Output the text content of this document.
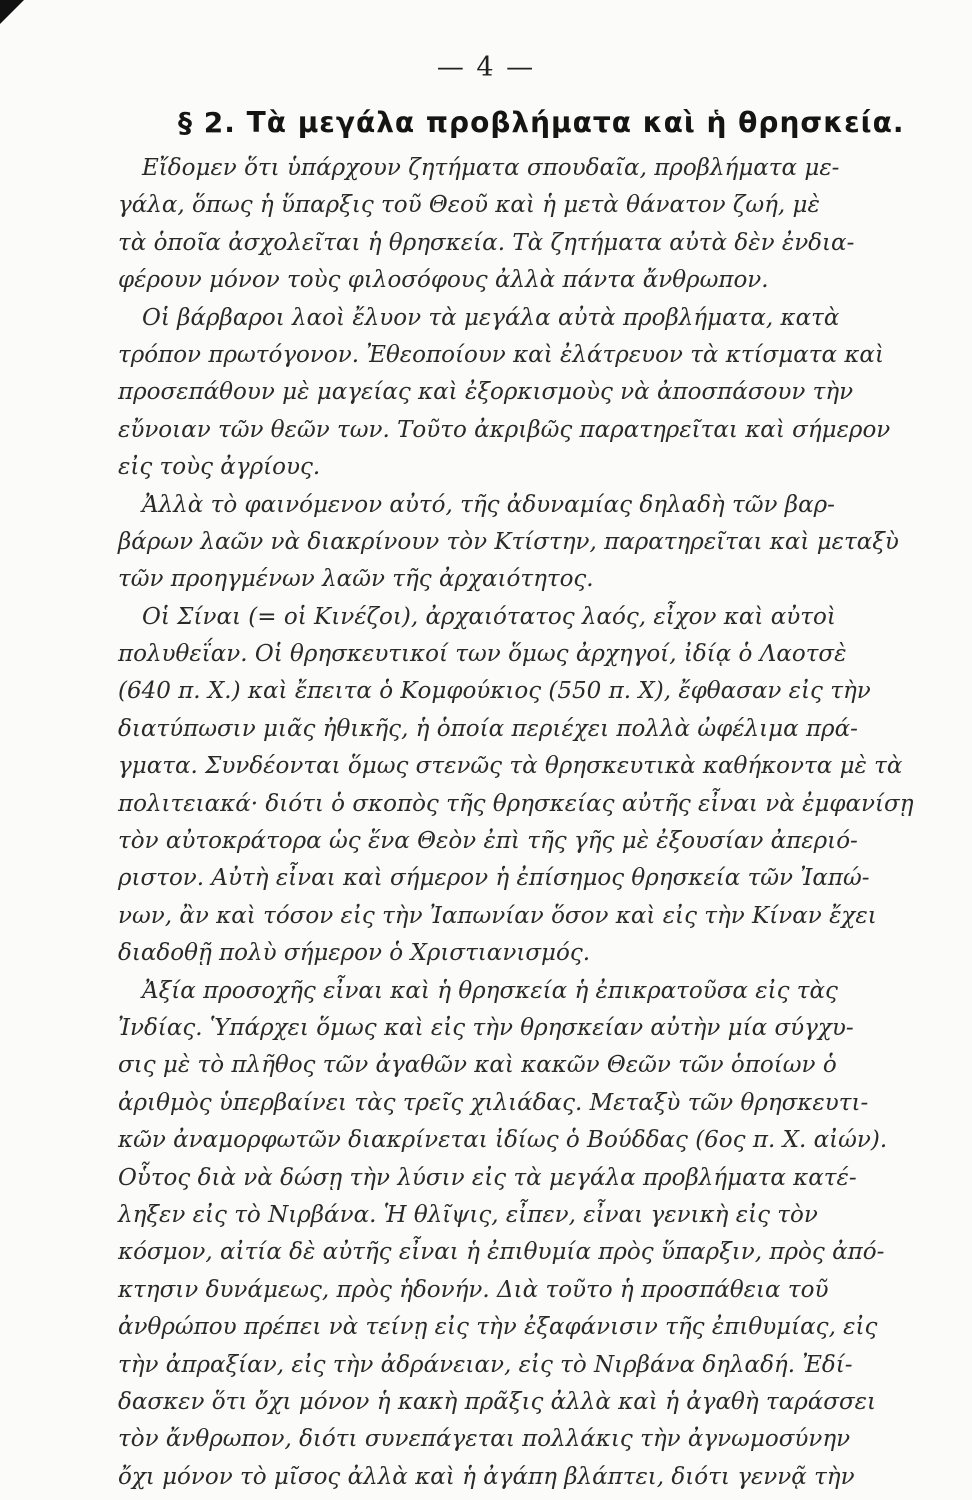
— 4 —
§ 2. Τὰ μεγάλα προβλήματα καὶ ἡ θρησκεία.
Εἴδομεν ὅτι ὑπάρχουν ζητήματα σπουδαῖα, προβλήματα με-
γάλα, ὅπως ἡ ὕπαρξις τοῦ Θεοῦ καὶ ἡ μετὰ θάνατον ζωή, μὲ
τὰ ὁποῖα ἀσχολεῖται ἡ θρησκεία. Τὰ ζητήματα αὐτὰ δὲν ἐνδια-
φέρουν μόνον τοὺς φιλοσόφους ἀλλὰ πάντα ἄνθρωπον.
Οἱ βάρβαροι λαοὶ ἔλυον τὰ μεγάλα αὐτὰ προβλήματα, κατὰ
τρόπον πρωτόγονον. Ἐθεοποίουν καὶ ἐλάτρευον τὰ κτίσματα καὶ
προσεπάθουν μὲ μαγείας καὶ ἐξορκισμοὺς νὰ ἀποσπάσουν τὴν
εὔνοιαν τῶν θεῶν των. Τοῦτο ἀκριβῶς παρατηρεῖται καὶ σήμερον
εἰς τοὺς ἀγρίους.
Ἀλλὰ τὸ φαινόμενον αὐτό, τῆς ἀδυναμίας δηλαδὴ τῶν βαρ-
βάρων λαῶν νὰ διακρίνουν τὸν Κτίστην, παρατηρεῖται καὶ μεταξὺ
τῶν προηγμένων λαῶν τῆς ἀρχαιότητος.
Οἱ Σίναι (= οἱ Κινέζοι), ἀρχαιότατος λαός, εἶχον καὶ αὐτοὶ
πολυθεΐαν. Οἱ θρησκευτικοί των ὅμως ἀρχηγοί, ἰδίᾳ ὁ Λαοτσὲ
(640 π. Χ.) καὶ ἔπειτα ὁ Κομφούκιος (550 π. Χ), ἔφθασαν εἰς τὴν
διατύπωσιν μιᾶς ἠθικῆς, ἡ ὁποία περιέχει πολλὰ ὠφέλιμα πρά-
γματα. Συνδέονται ὅμως στενῶς τὰ θρησκευτικὰ καθήκοντα μὲ τὰ
πολιτειακά· διότι ὁ σκοπὸς τῆς θρησκείας αὐτῆς εἶναι νὰ ἐμφανίσῃ
τὸν αὐτοκράτορα ὡς ἕνα Θεὸν ἐπὶ τῆς γῆς μὲ ἐξουσίαν ἀπεριό-
ριστον. Αὐτὴ εἶναι καὶ σήμερον ἡ ἐπίσημος θρησκεία τῶν Ἰαπώ-
νων, ἂν καὶ τόσον εἰς τὴν Ἰαπωνίαν ὅσον καὶ εἰς τὴν Κίναν ἔχει
διαδοθῇ πολὺ σήμερον ὁ Χριστιανισμός.
Ἀξία προσοχῆς εἶναι καὶ ἡ θρησκεία ἡ ἐπικρατοῦσα εἰς τὰς
Ἰνδίας. Ὑπάρχει ὅμως καὶ εἰς τὴν θρησκείαν αὐτὴν μία σύγχυ-
σις μὲ τὸ πλῆθος τῶν ἀγαθῶν καὶ κακῶν Θεῶν τῶν ὁποίων ὁ
ἀριθμὸς ὑπερβαίνει τὰς τρεῖς χιλιάδας. Μεταξὺ τῶν θρησκευτι-
κῶν ἀναμορφωτῶν διακρίνεται ἰδίως ὁ Βούδδας (6ος π. Χ. αἰών).
Οὗτος διὰ νὰ δώσῃ τὴν λύσιν εἰς τὰ μεγάλα προβλήματα κατέ-
ληξεν εἰς τὸ Νιρβάνα. Ἡ θλῖψις, εἶπεν, εἶναι γενικὴ εἰς τὸν
κόσμον, αἰτία δὲ αὐτῆς εἶναι ἡ ἐπιθυμία πρὸς ὕπαρξιν, πρὸς ἀπό-
κτησιν δυνάμεως, πρὸς ἡδονήν. Διὰ τοῦτο ἡ προσπάθεια τοῦ
ἀνθρώπου πρέπει νὰ τείνῃ εἰς τὴν ἐξαφάνισιν τῆς ἐπιθυμίας, εἰς
τὴν ἀπραξίαν, εἰς τὴν ἀδράνειαν, εἰς τὸ Νιρβάνα δηλαδή. Ἐδί-
δασκεν ὅτι ὄχι μόνον ἡ κακὴ πρᾶξις ἀλλὰ καὶ ἡ ἀγαθὴ ταράσσει
τὸν ἄνθρωπον, διότι συνεπάγεται πολλάκις τὴν ἀγνωμοσύνην
ὄχι μόνον τὸ μῖσος ἀλλὰ καὶ ἡ ἀγάπη βλάπτει, διότι γεννᾷ τὴν
